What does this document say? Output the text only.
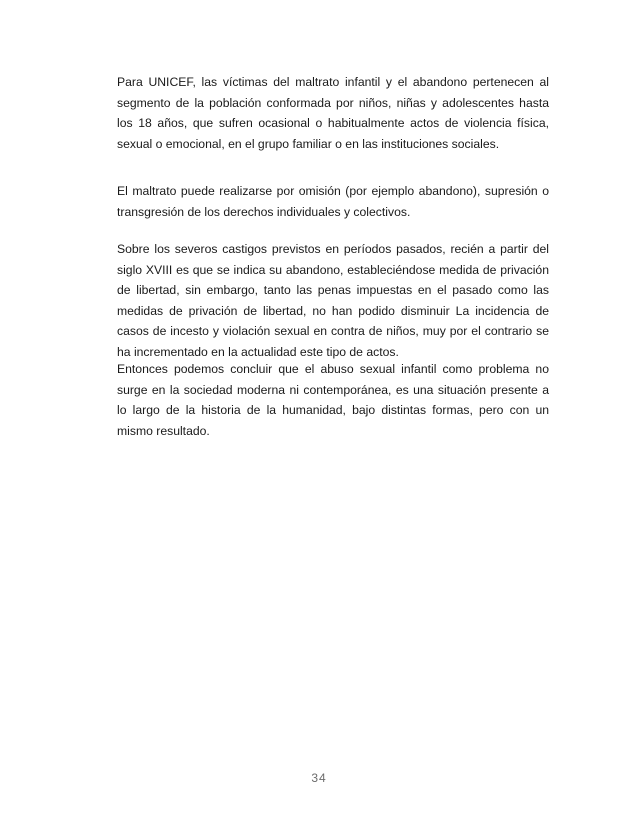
Para UNICEF, las víctimas del maltrato infantil y el abandono pertenecen al segmento de la población conformada por niños, niñas y adolescentes hasta los 18 años, que sufren ocasional o habitualmente actos de violencia física, sexual o emocional, en el grupo familiar o en las instituciones sociales.

El maltrato puede realizarse por omisión (por ejemplo abandono), supresión o transgresión de los derechos individuales y colectivos.

Sobre los severos castigos previstos en períodos pasados, recién a partir del siglo XVIII es que se indica su abandono, estableciéndose medida de privación de libertad, sin embargo, tanto las penas impuestas en el pasado como las medidas de privación de libertad, no han podido disminuir La incidencia de casos de incesto y violación sexual en contra de niños, muy por el contrario se ha incrementado en la actualidad este tipo de actos.

Entonces podemos concluir que el abuso sexual infantil como problema no surge en la sociedad moderna ni contemporánea, es una situación presente a lo largo de la historia de la humanidad, bajo distintas formas, pero con un mismo resultado.

34
